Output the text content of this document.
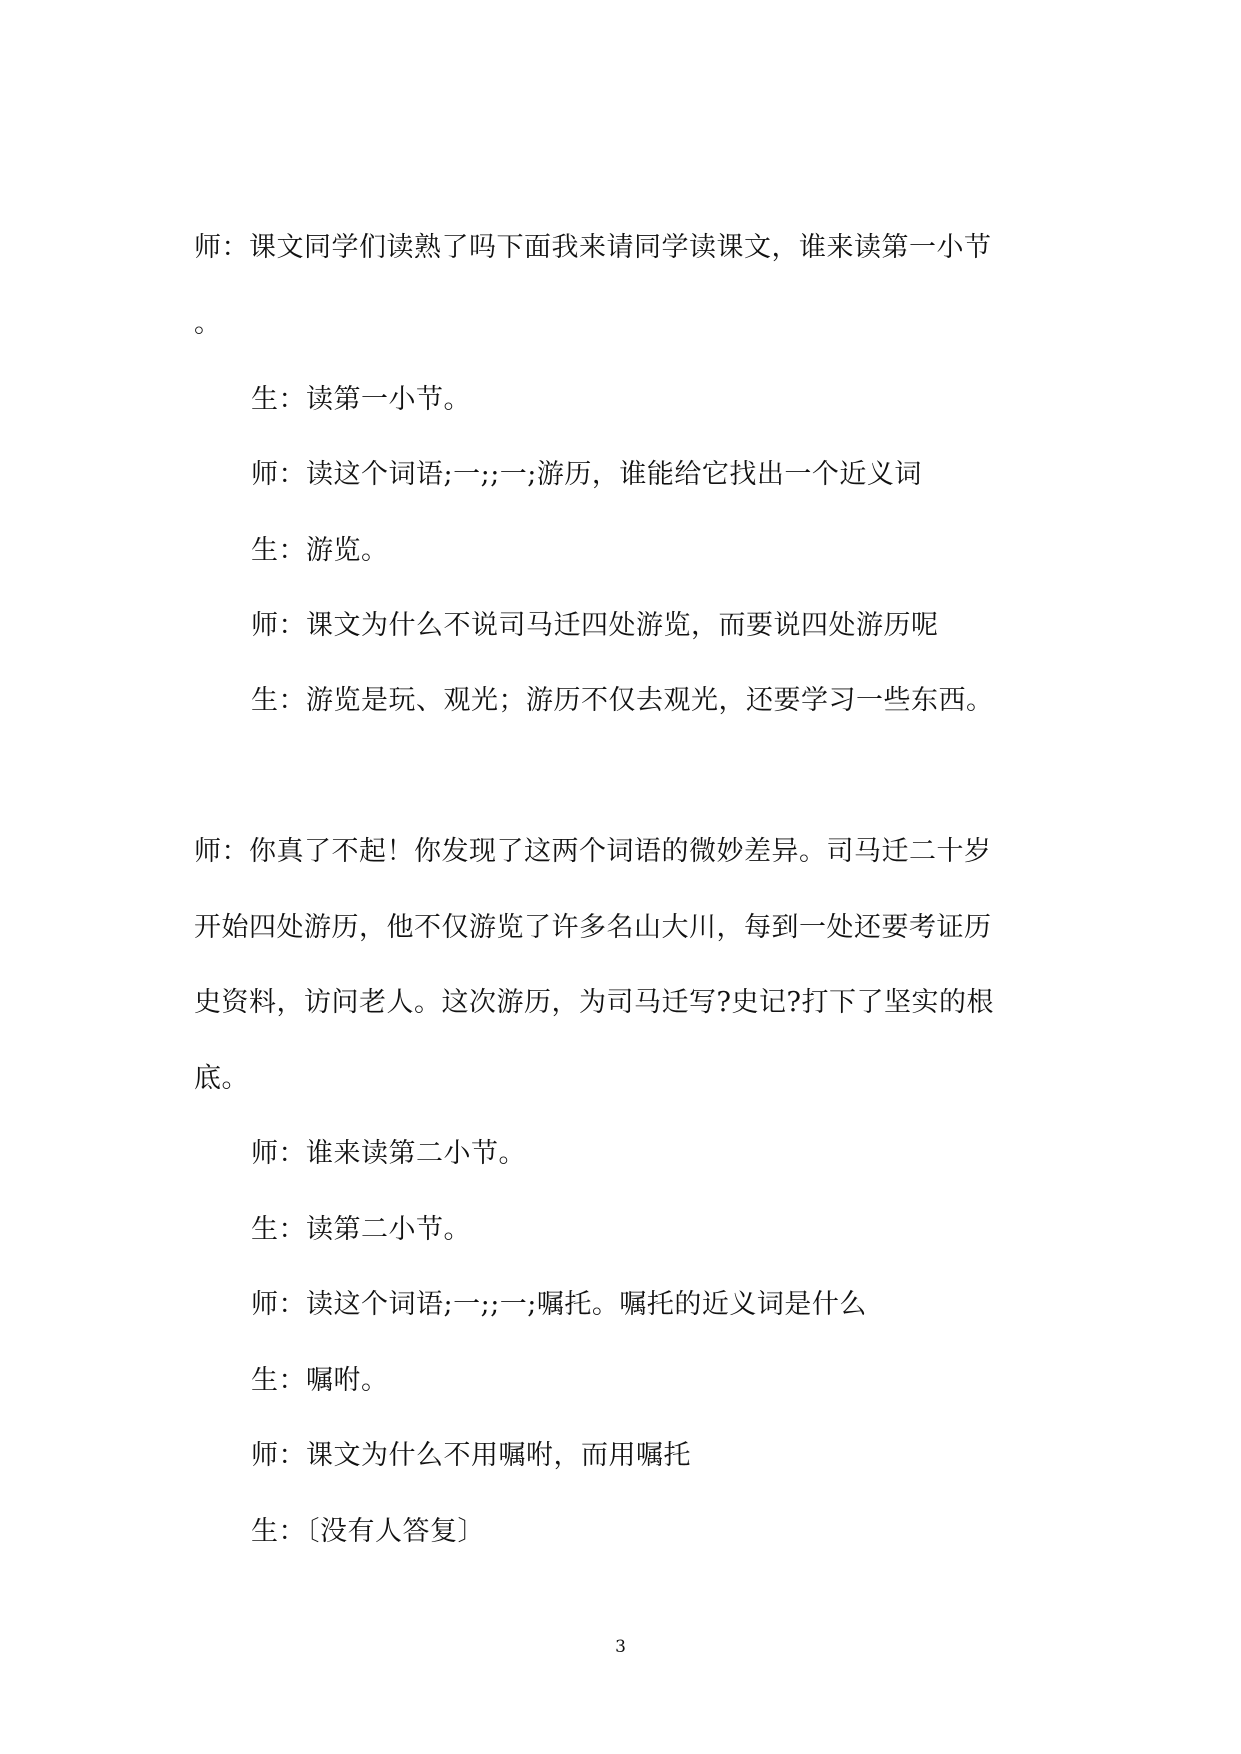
师：课文同学们读熟了吗下面我来请同学读课文，谁来读第一小节
。
生：读第一小节。
师：读这个词语;一;;一;游历，谁能给它找出一个近义词
生：游览。
师：课文为什么不说司马迁四处游览，而要说四处游历呢
生：游览是玩、观光；游历不仅去观光，还要学习一些东西。
师：你真了不起！你发现了这两个词语的微妙差异。司马迁二十岁
开始四处游历，他不仅游览了许多名山大川，每到一处还要考证历
史资料，访问老人。这次游历，为司马迁写?史记?打下了坚实的根
底。
师：谁来读第二小节。
生：读第二小节。
师：读这个词语;一;;一;嘱托。嘱托的近义词是什么
生：嘱咐。
师：课文为什么不用嘱咐，而用嘱托
生：〔没有人答复〕
3
